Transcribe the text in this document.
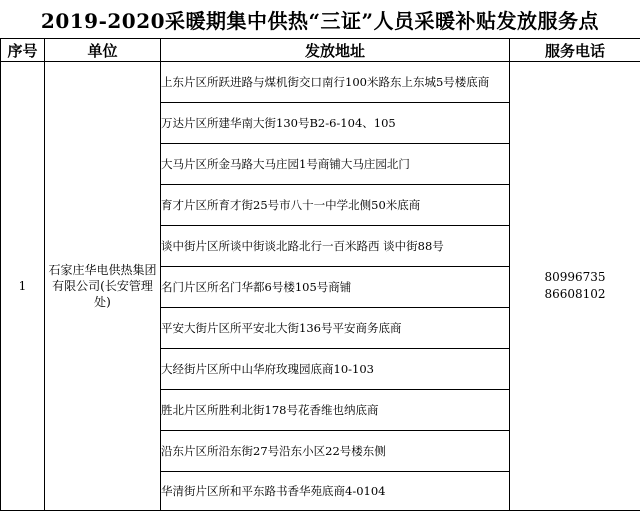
2019-2020采暖期集中供热“三证”人员采暖补贴发放服务点
序号	单位	发放地址	服务电话
1	石家庄华电供热集团有限公司(长安管理处)	上东片区所跃进路与煤机街交口南行100米路东上东城5号楼底商	80996735
86608102

		万达片区所建华南大街130号B2-6-104、105	
		大马片区所金马路大马庄园1号商铺大马庄园北门	
		育才片区所育才街25号市八十一中学北侧50米底商	
		谈中街片区所谈中街谈北路北行一百米路西 谈中街88号	
		名门片区所名门华都6号楼105号商铺	
		平安大街片区所平安北大街136号平安商务底商	
		大经街片区所中山华府玫瑰园底商10-103	
		胜北片区所胜利北街178号花香维也纳底商	
		沿东片区所沿东街27号沿东小区22号楼东侧	
		华清街片区所和平东路书香华苑底商4-0104	
